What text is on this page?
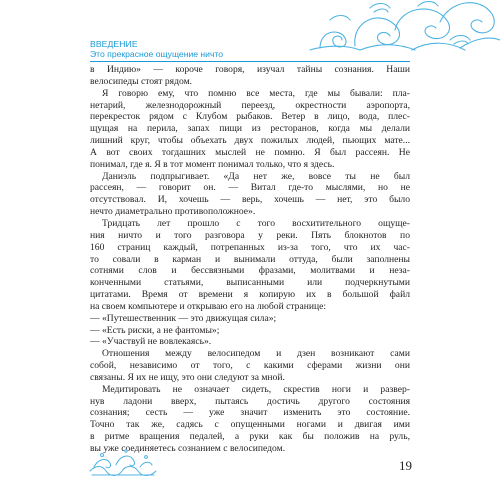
ВВЕДЕНИЕ
Это прекрасное ощущение ничто
в Индию» — короче говоря, изучал тайны сознания. Наши
велосипеды стоят рядом.
Я говорю ему, что помню все места, где мы бывали: пла-
нетарий, железнодорожный переезд, окрестности аэропорта,
перекресток рядом с Клубом рыбаков. Ветер в лицо, вода, плес-
щущая на перила, запах пищи из ресторанов, когда мы делали
лишний круг, чтобы объехать двух пожилых людей, пьющих мате...
А вот своих тогдашних мыслей не помню. Я был рассеян. Не
понимал, где я. Я в тот момент понимал только, что я здесь.
Даниэль подпрыгивает. «Да нет же, вовсе ты не был
рассеян, — говорит он. — Витал где-то мыслями, но не
отсутствовал. И, хочешь — верь, хочешь — нет, это было
нечто диаметрально противоположное».
Тридцать лет прошло с того восхитительного ощуще-
ния ничто и того разговора у реки. Пять блокнотов по
160 страниц каждый, потрепанных из-за того, что их час-
то совали в карман и вынимали оттуда, были заполнены
сотнями слов и бессвязными фразами, молитвами и неза-
конченными статьями, выписанными или подчеркнутыми
цитатами. Время от времени я копирую их в большой файл
на своем компьютере и открываю его на любой странице:
— «Путешественник — это движущая сила»;
— «Есть риски, а не фантомы»;
— «Участвуй не вовлекаясь».
Отношения между велосипедом и дзен возникают сами
собой, независимо от того, с какими сферами жизни они
связаны. Я их не ищу, это они следуют за мной.
Медитировать не означает сидеть, скрестив ноги и развер-
нув ладони вверх, пытаясь достичь другого состояния
сознания; сесть — уже значит изменить это состояние.
Точно так же, садясь с опущенными ногами и двигая ими
в ритме вращения педалей, а руки как бы положив на руль,
вы уже соединяетесь сознанием с велосипедом.
19
